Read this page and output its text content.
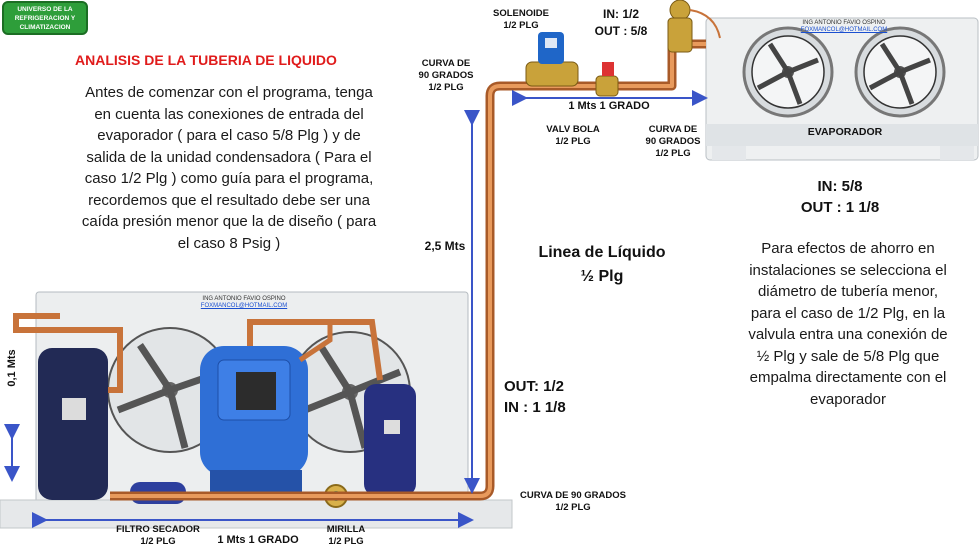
UNIVERSO DE LA
REFRIGERACION Y
CLIMATIZACION
ANALISIS DE LA TUBERIA DE LIQUIDO
Antes de comenzar con el programa, tenga
en cuenta las conexiones de entrada del
evaporador ( para el caso 5/8 Plg ) y de
salida de la unidad condensadora ( Para el
caso 1/2 Plg ) como guía para el programa,
recordemos que el resultado debe ser una
caída presión menor que la de diseño ( para
el caso 8 Psig )
SOLENOIDE
1/2 PLG
IN: 1/2
OUT : 5/8
CURVA DE
90 GRADOS
1/2 PLG
1 Mts 1 GRADO
VALV BOLA
1/2 PLG
CURVA DE
90 GRADOS
1/2 PLG
ING ANTONIO FAVIO OSPINO
FOXMANCOL@HOTMAIL.COM
EVAPORADOR
IN: 5/8
OUT : 1 1/8
2,5 Mts	Linea de Líquido
½ Plg
Para efectos de ahorro en
instalaciones se selecciona el
diámetro de tubería menor,
para el caso de 1/2 Plg, en la
valvula entra una conexión de
½ Plg y sale de 5/8 Plg que
empalma directamente con el
evaporador
OUT: 1/2
IN : 1 1/8
CURVA DE 90 GRADOS
1/2 PLG
ING ANTONIO FAVIO OSPINO
FOXMANCOL@HOTMAIL.COM
0,1 Mts
FILTRO SECADOR
1/2 PLG	1 Mts 1 GRADO
MIRILLA
1/2 PLG
